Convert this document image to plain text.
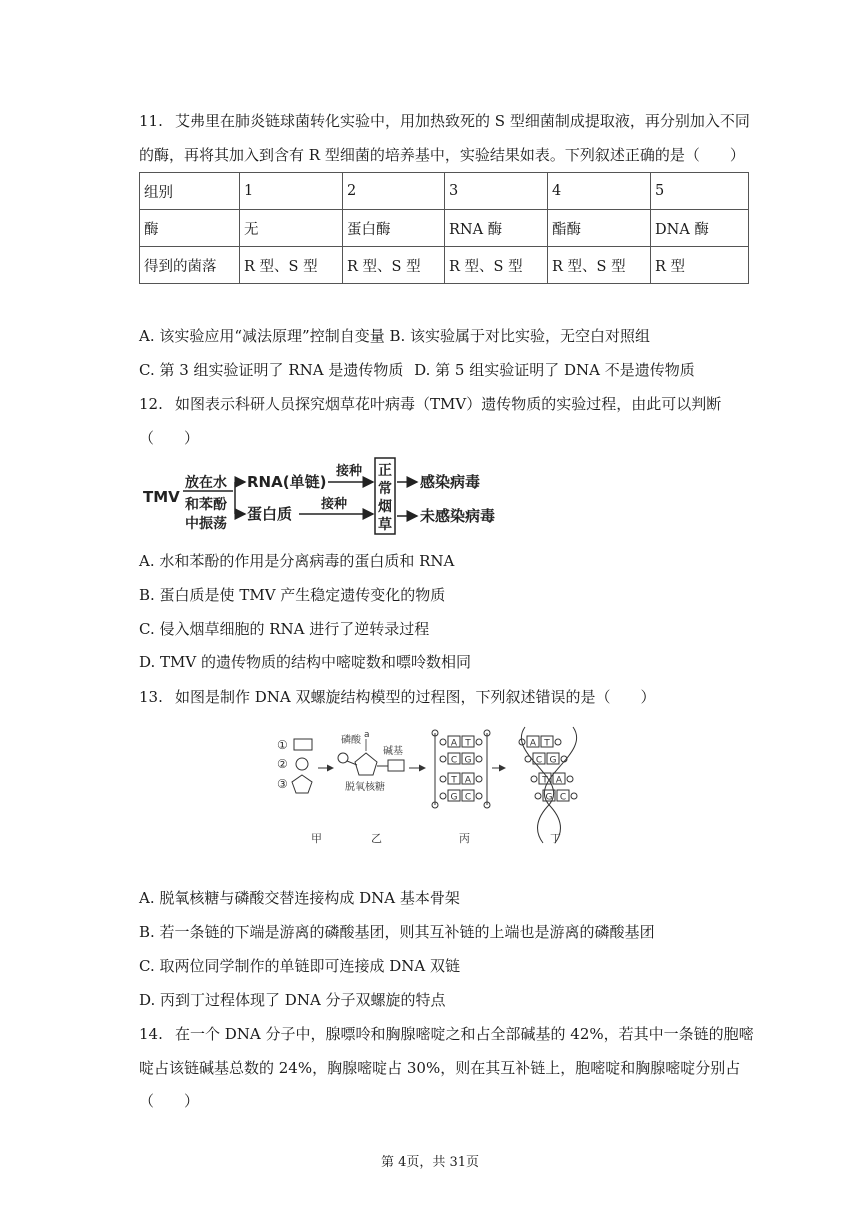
11. 艾弗里在肺炎链球菌转化实验中，用加热致死的 S 型细菌制成提取液，再分别加入不同
的酶，再将其加入到含有 R 型细菌的培养基中，实验结果如表。下列叙述正确的是（　　）
组别	1	2	3	4	5
酶	无	蛋白酶	RNA 酶	酯酶	DNA 酶
得到的菌落	R 型、S 型	R 型、S 型	R 型、S 型	R 型、S 型	R 型
A. 该实验应用“减法原理”控制自变量 B. 该实验属于对比实验，无空白对照组
C. 第 3 组实验证明了 RNA 是遗传物质 D. 第 5 组实验证明了 DNA 不是遗传物质
12. 如图表示科研人员探究烟草花叶病毒（TMV）遗传物质的实验过程，由此可以判断
（　　）
TMV
放在水
和苯酚
中振荡
RNA(单链)
蛋白质
接种
接种
正
常
烟
草
感染病毒
未感染病毒
A. 水和苯酚的作用是分离病毒的蛋白质和 RNA
B. 蛋白质是使 TMV 产生稳定遗传变化的物质
C. 侵入烟草细胞的 RNA 进行了逆转录过程
D. TMV 的遗传物质的结构中嘧啶数和嘌呤数相同
13. 如图是制作 DNA 双螺旋结构模型的过程图，下列叙述错误的是（　　）
①
②
③
磷酸 a
碱基
脱氧核糖
A T
C G
T A
G C
A T
C G
T A
G C
甲	乙	丙	丁
A. 脱氧核糖与磷酸交替连接构成 DNA 基本骨架
B. 若一条链的下端是游离的磷酸基团，则其互补链的上端也是游离的磷酸基团
C. 取两位同学制作的单链即可连接成 DNA 双链
D. 丙到丁过程体现了 DNA 分子双螺旋的特点
14. 在一个 DNA 分子中，腺嘌呤和胸腺嘧啶之和占全部碱基的 42%，若其中一条链的胞嘧
啶占该链碱基总数的 24%，胸腺嘧啶占 30%，则在其互补链上，胞嘧啶和胸腺嘧啶分别占
（　　）
第 4页，共 31页
